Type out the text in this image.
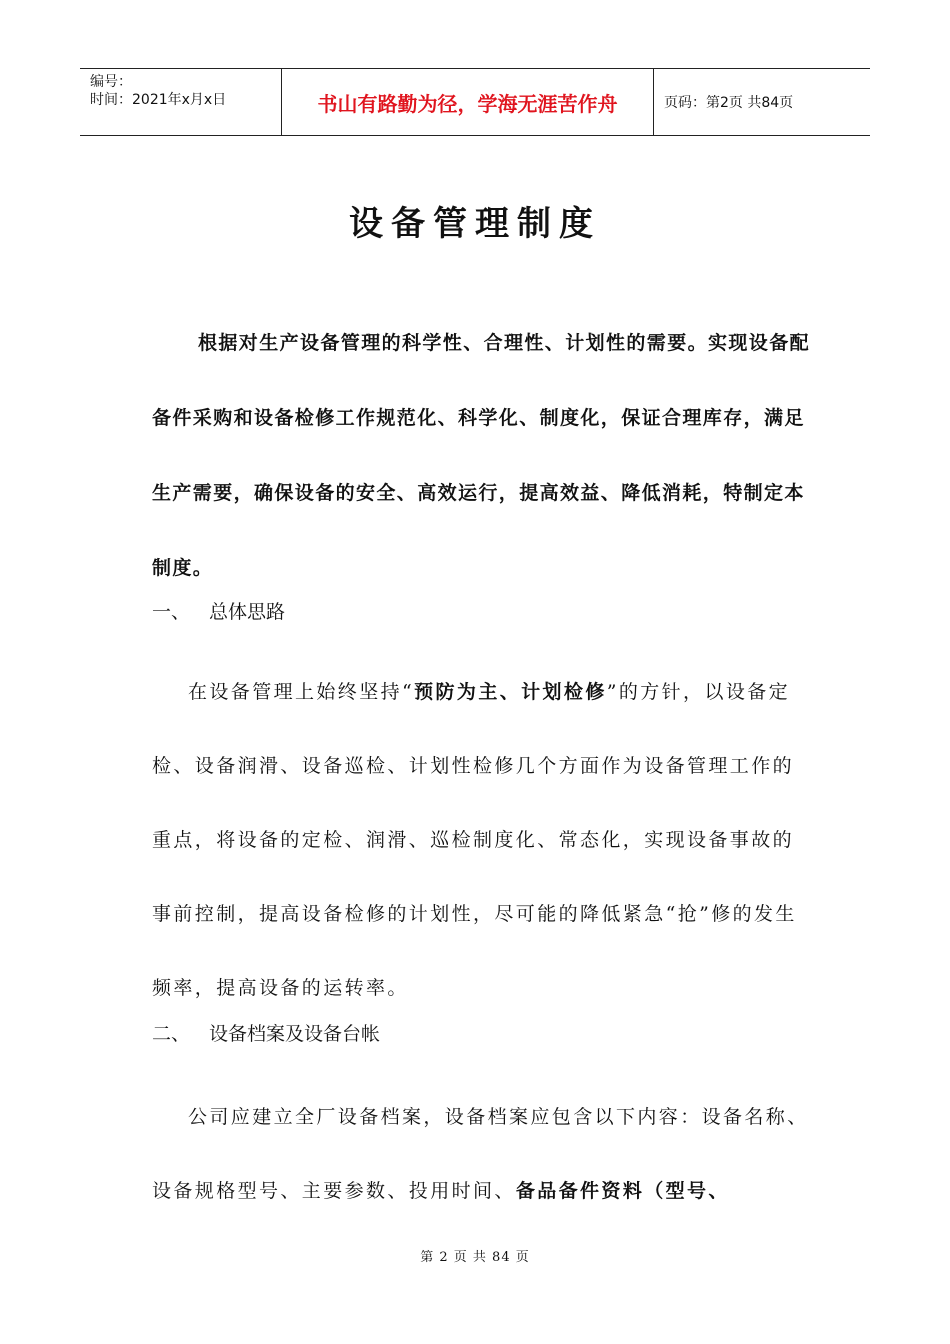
编号：
时间：2021年x月x日	书山有路勤为径，学海无涯苦作舟	页码：第2页 共84页
设备管理制度

根据对生产设备管理的科学性、合理性、计划性的需要。实现设备配备件采购和设备检修工作规范化、科学化、制度化，保证合理库存，满足生产需要，确保设备的安全、高效运行，提高效益、降低消耗，特制定本制度。

一、 总体思路

在设备管理上始终坚持“预防为主、计划检修”的方针，以设备定检、设备润滑、设备巡检、计划性检修几个方面作为设备管理工作的重点，将设备的定检、润滑、巡检制度化、常态化，实现设备事故的事前控制，提高设备检修的计划性，尽可能的降低紧急“抢”修的发生频率，提高设备的运转率。

二、 设备档案及设备台帐

公司应建立全厂设备档案，设备档案应包含以下内容：设备名称、设备规格型号、主要参数、投用时间、备品备件资料（型号、

第 2 页 共 84 页
